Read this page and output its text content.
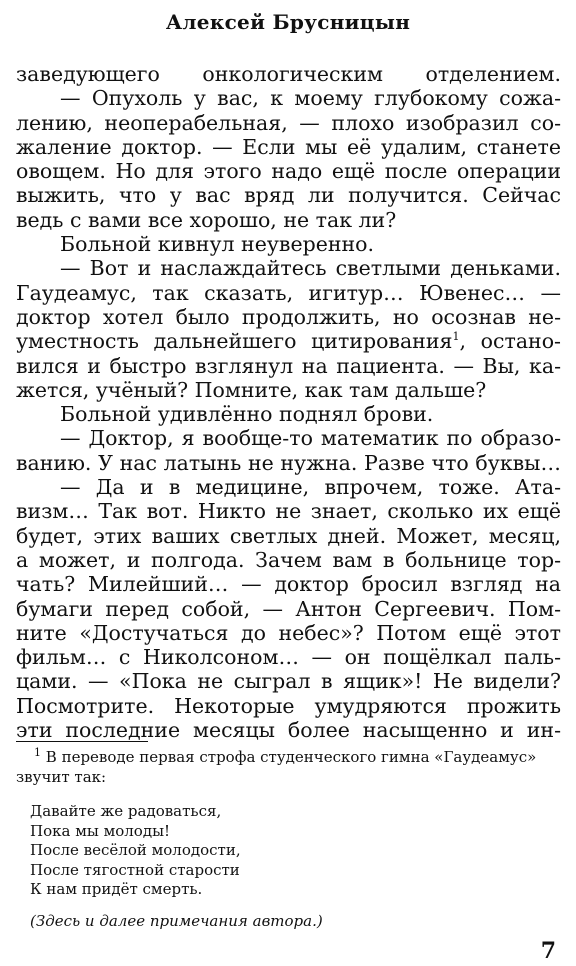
Алексей Брусницын
заведующего онкологическим отделением.
— Опухоль у вас, к моему глубокому сожа-
лению, неоперабельная, — плохо изобразил со-
жаление доктор. — Если мы её удалим, станете
овощем. Но для этого надо ещё после операции
выжить, что у вас вряд ли получится. Сейчас
ведь с вами все хорошо, не так ли?
Больной кивнул неуверенно.
— Вот и наслаждайтесь светлыми деньками.
Гаудеамус, так сказать, игитур… Ювенес… —
доктор хотел было продолжить, но осознав не-
уместность дальнейшего цитирования$^1$, остано-
вился и быстро взглянул на пациента. — Вы, ка-
жется, учёный? Помните, как там дальше?
Больной удивлённо поднял брови.
— Доктор, я вообще-то математик по образо-
ванию. У нас латынь не нужна. Разве что буквы…
— Да и в медицине, впрочем, тоже. Ата-
визм… Так вот. Никто не знает, сколько их ещё
будет, этих ваших светлых дней. Может, месяц,
а может, и полгода. Зачем вам в больнице тор-
чать? Милейший… — доктор бросил взгляд на
бумаги перед собой, — Антон Сергеевич. Пом-
ните «Достучаться до небес»? Потом ещё этот
фильм… с Николсоном… — он пощёлкал паль-
цами. — «Пока не сыграл в ящик»! Не видели?
Посмотрите. Некоторые умудряются прожить
эти последние месяцы более насыщенно и ин-
$^1$ В переводе первая строфа студенческого гимна «Гаудеамус»
звучит так:
Давайте же радоваться,
Пока мы молоды!
После весёлой молодости,
После тягостной старости
К нам придёт смерть.
(Здесь и далее примечания автора.)
7
